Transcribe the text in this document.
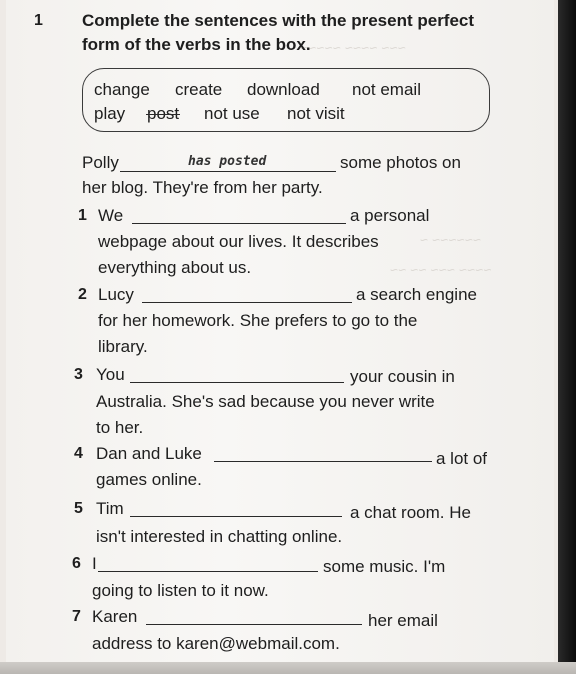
~~~ ~~~~ ~~~~~
~~~~~~ ~
~~~~ ~~~ ~~ ~~
1 Complete the sentences with the present perfect
form of the verbs in the box.
change create download not email
play post not use not visit
Polly	has posted	some photos on
her blog. They're from her party.
1 We	a personal
webpage about our lives. It describes
everything about us.
2 Lucy	a search engine
for her homework. She prefers to go to the
library.
3 You	your cousin in
Australia. She's sad because you never write
to her.
4 Dan and Luke	a lot of
games online.
5 Tim	a chat room. He
isn't interested in chatting online.
6 I	some music. I'm
going to listen to it now.
7 Karen	her email
address to karen@webmail.com.
